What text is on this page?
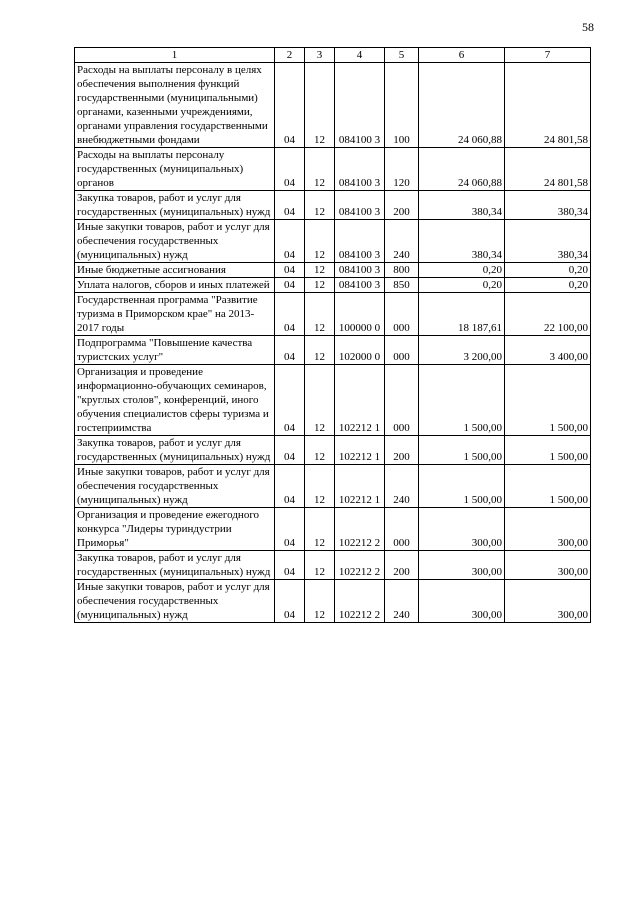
58
1	2	3	4	5	6	7
Расходы на выплаты персоналу в целях обеспечения выполнения функций государственными (муниципальными) органами, казенными учреждениями, органами управления государственными внебюджетными фондами	04	12	084100 3	100	24 060,88	24 801,58
Расходы на выплаты персоналу государственных (муниципальных) органов	04	12	084100 3	120	24 060,88	24 801,58
Закупка товаров, работ и услуг для государственных (муниципальных) нужд	04	12	084100 3	200	380,34	380,34
Иные закупки товаров, работ и услуг для обеспечения государственных (муниципальных) нужд	04	12	084100 3	240	380,34	380,34
Иные бюджетные ассигнования	04	12	084100 3	800	0,20	0,20
Уплата налогов, сборов и иных платежей	04	12	084100 3	850	0,20	0,20
Государственная программа "Развитие туризма в Приморском крае" на 2013-2017 годы	04	12	100000 0	000	18 187,61	22 100,00
Подпрограмма "Повышение качества туристских услуг"	04	12	102000 0	000	3 200,00	3 400,00
Организация и проведение информационно-обучающих семинаров, "круглых столов", конференций, иного обучения специалистов сферы туризма и гостеприимства	04	12	102212 1	000	1 500,00	1 500,00
Закупка товаров, работ и услуг для государственных (муниципальных) нужд	04	12	102212 1	200	1 500,00	1 500,00
Иные закупки товаров, работ и услуг для обеспечения государственных (муниципальных) нужд	04	12	102212 1	240	1 500,00	1 500,00
Организация и проведение ежегодного конкурса "Лидеры туриндустрии Приморья"	04	12	102212 2	000	300,00	300,00
Закупка товаров, работ и услуг для государственных (муниципальных) нужд	04	12	102212 2	200	300,00	300,00
Иные закупки товаров, работ и услуг для обеспечения государственных (муниципальных) нужд	04	12	102212 2	240	300,00	300,00
